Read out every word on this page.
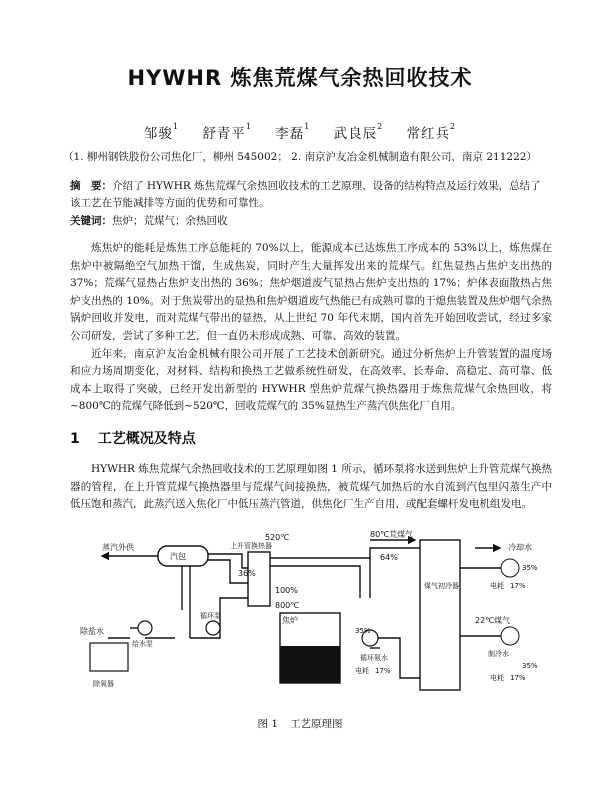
HYWHR 炼焦荒煤气余热回收技术
邹骏$^1$ 舒青平$^1$ 李磊$^1$ 武良辰$^2$ 常红兵$^2$
（1. 柳州钢铁股份公司焦化厂，柳州 545002； 2. 南京沪友冶金机械制造有限公司，南京 211222）
摘　要：介绍了 HYWHR 炼焦荒煤气余热回收技术的工艺原理、设备的结构特点及运行效果，总结了该工艺在节能减排等方面的优势和可靠性。
关键词：焦炉；荒煤气；余热回收

炼焦炉的能耗是炼焦工序总能耗的 70%以上，能源成本已达炼焦工序成本的 53%以上，炼焦煤在焦炉中被隔绝空气加热干馏，生成焦炭，同时产生大量挥发出来的荒煤气。红焦显热占焦炉支出热的 37%；荒煤气显热占焦炉支出热的 36%；焦炉烟道废气显热占焦炉支出热的 17%；炉体表面散热占焦炉支出热的 10%。对于焦炭带出的显热和焦炉烟道废气热能已有成熟可靠的干熄焦装置及焦炉烟气余热锅炉回收并发电，而对荒煤气带出的显热，从上世纪 70 年代末期，国内首先开始回收尝试，经过多家公司研发，尝试了多种工艺，但一直仍未形成成熟、可靠、高效的装置。

近年来，南京沪友冶金机械有限公司开展了工艺技术创新研究。通过分析焦炉上升管装置的温度场和应力场周期变化，对材料、结构和换热工艺做系统性研发，在高效率、长寿命、高稳定、高可靠、低成本上取得了突破，已经开发出新型的 HYWHR 型焦炉荒煤气换热器用于炼焦荒煤气余热回收，将~800℃的荒煤气降低到~520℃，回收荒煤气的 35%显热生产蒸汽供焦化厂自用。

1 工艺概况及特点

HYWHR 炼焦荒煤气余热回收技术的工艺原理如图 1 所示，循环泵将水送到焦炉上升管荒煤气换热器的管程，在上升管荒煤气换热器里与荒煤气间接换热，被荒煤气加热后的水自流到汽包里闪蒸生产中低压饱和蒸汽，此蒸汽送入焦化厂中低压蒸汽管道，供焦化厂生产自用，或配套螺杆发电机组发电。

蒸汽外供
汽包
上升管换热器
520℃	80℃荒煤气
36%
100%
64%
800℃
焦炉
煤气初冷器
冷却水
35%
电耗 17%
35%
循环氨水
电耗 17%
22℃煤气
制冷水
35%
电耗 17%
除盐水
除氧器
给水泵
循环泵
图 1 工艺原理图
